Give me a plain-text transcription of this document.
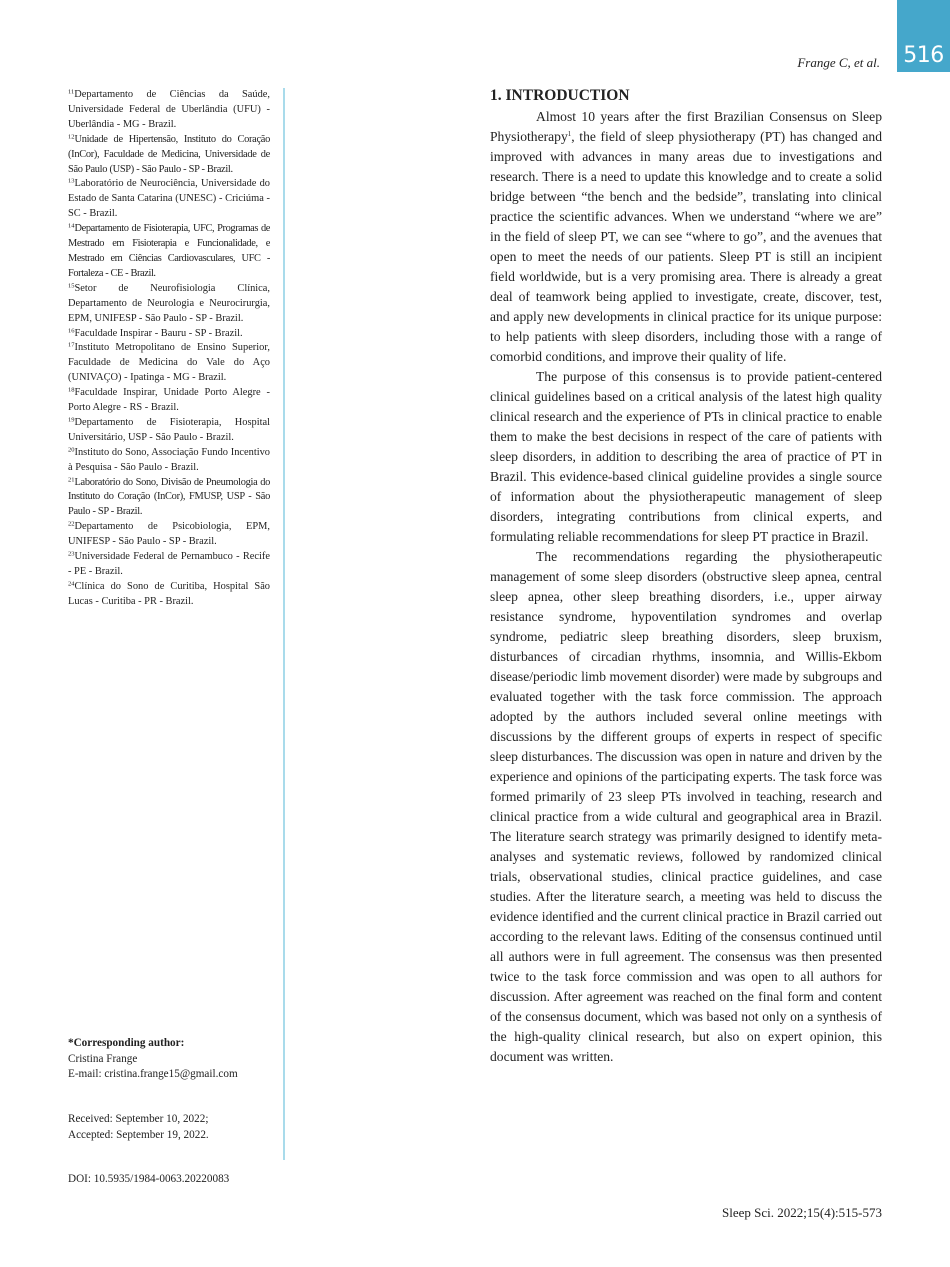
516
Frange C, et al.

$^{11}$Departamento de Ciências da Saúde, Universidade Federal de Uberlândia (UFU) - Uberlândia - MG - Brazil.

$^{12}$Unidade de Hipertensão, Instituto do Coração (InCor), Faculdade de Medicina, Universidade de São Paulo (USP) - São Paulo - SP - Brazil.

$^{13}$Laboratório de Neurociência, Universidade do Estado de Santa Catarina (UNESC) - Criciúma - SC - Brazil.

$^{14}$Departamento de Fisioterapia, UFC, Programas de Mestrado em Fisioterapia e Funcionalidade, e Mestrado em Ciências Cardiovasculares, UFC - Fortaleza - CE - Brazil.

$^{15}$Setor de Neurofisiologia Clínica, Departamento de Neurologia e Neurocirurgia, EPM, UNIFESP - São Paulo - SP - Brazil.

$^{16}$Faculdade Inspirar - Bauru - SP - Brazil.

$^{17}$Instituto Metropolitano de Ensino Superior, Faculdade de Medicina do Vale do Aço (UNIVAÇO) - Ipatinga - MG - Brazil.

$^{18}$Faculdade Inspirar, Unidade Porto Alegre - Porto Alegre - RS - Brazil.

$^{19}$Departamento de Fisioterapia, Hospital Universitário, USP - São Paulo - Brazil.

$^{20}$Instituto do Sono, Associação Fundo Incentivo à Pesquisa - São Paulo - Brazil.

$^{21}$Laboratório do Sono, Divisão de Pneumologia do Instituto do Coração (InCor), FMUSP, USP - São Paulo - SP - Brazil.

$^{22}$Departamento de Psicobiologia, EPM, UNIFESP - São Paulo - SP - Brazil.

$^{23}$Universidade Federal de Pernambuco - Recife - PE - Brazil.

$^{24}$Clínica do Sono de Curitiba, Hospital São Lucas - Curitiba - PR - Brazil.

*Corresponding author:
Cristina Frange
E-mail: cristina.frange15@gmail.com
Received: September 10, 2022;
Accepted: September 19, 2022.
DOI: 10.5935/1984-0063.20220083
1. INTRODUCTION

Almost 10 years after the first Brazilian Consensus on Sleep Physiotherapy$^1$, the field of sleep physiotherapy (PT) has changed and improved with advances in many areas due to investigations and research. There is a need to update this knowledge and to create a solid bridge between “the bench and the bedside”, translating into clinical practice the scientific advances. When we understand “where we are” in the field of sleep PT, we can see “where to go”, and the avenues that open to meet the needs of our patients. Sleep PT is still an incipient field worldwide, but is a very promising area. There is already a great deal of teamwork being applied to investigate, create, discover, test, and apply new developments in clinical practice for its unique purpose: to help patients with sleep disorders, including those with a range of comorbid conditions, and improve their quality of life.

The purpose of this consensus is to provide patient-centered clinical guidelines based on a critical analysis of the latest high quality clinical research and the experience of PTs in clinical practice to enable them to make the best decisions in respect of the care of patients with sleep disorders, in addition to describing the area of practice of PT in Brazil. This evidence-based clinical guideline provides a single source of information about the physiotherapeutic management of sleep disorders, integrating contributions from clinical experts, and formulating reliable recommendations for sleep PT practice in Brazil.

The recommendations regarding the physiotherapeutic management of some sleep disorders (obstructive sleep apnea, central sleep apnea, other sleep breathing disorders, i.e., upper airway resistance syndrome, hypoventilation syndromes and overlap syndrome, pediatric sleep breathing disorders, sleep bruxism, disturbances of circadian rhythms, insomnia, and Willis-Ekbom disease/periodic limb movement disorder) were made by subgroups and evaluated together with the task force commission. The approach adopted by the authors included several online meetings with discussions by the different groups of experts in respect of specific sleep disturbances. The discussion was open in nature and driven by the experience and opinions of the participating experts. The task force was formed primarily of 23 sleep PTs involved in teaching, research and clinical practice from a wide cultural and geographical area in Brazil. The literature search strategy was primarily designed to identify meta-analyses and systematic reviews, followed by randomized clinical trials, observational studies, clinical practice guidelines, and case studies. After the literature search, a meeting was held to discuss the evidence identified and the current clinical practice in Brazil carried out according to the relevant laws. Editing of the consensus continued until all authors were in full agreement. The consensus was then presented twice to the task force commission and was open to all authors for discussion. After agreement was reached on the final form and content of the consensus document, which was based not only on a synthesis of the high-quality clinical research, but also on expert opinion, this document was written.

Sleep Sci. 2022;15(4):515-573
